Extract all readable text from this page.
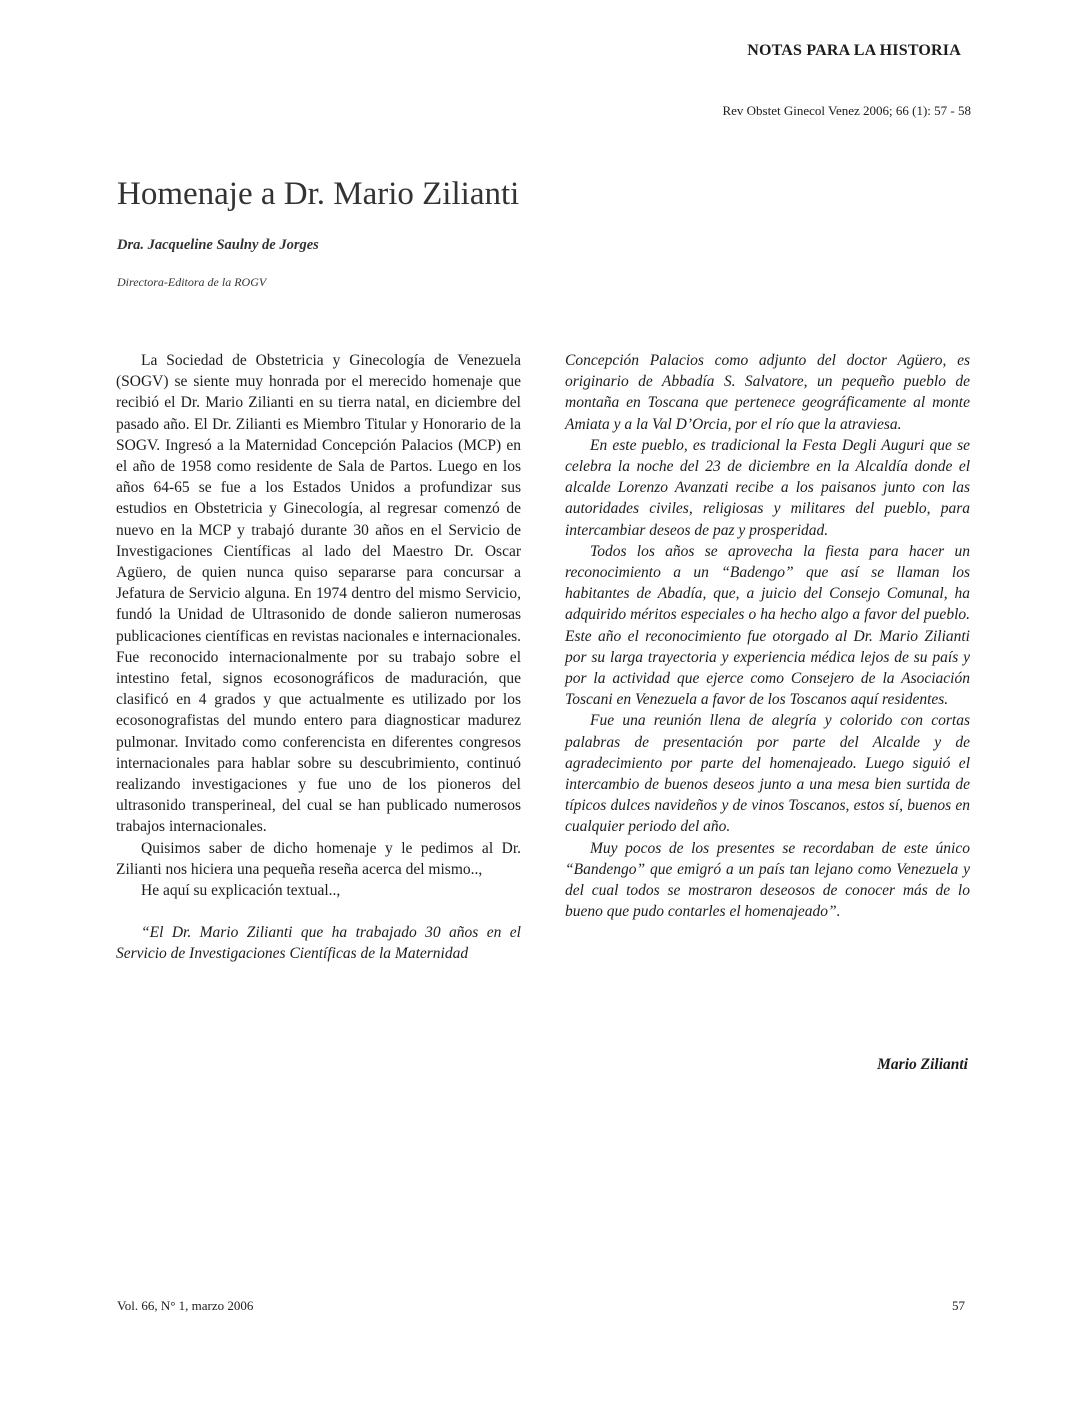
NOTAS PARA LA HISTORIA
Rev Obstet Ginecol Venez 2006; 66 (1): 57 - 58
Homenaje a Dr. Mario Zilianti
Dra. Jacqueline Saulny de Jorges
Directora-Editora de la ROGV

La Sociedad de Obstetricia y Ginecología de Venezuela (SOGV) se siente muy honrada por el merecido homenaje que recibió el Dr. Mario Zilianti en su tierra natal, en diciembre del pasado año. El Dr. Zilianti es Miembro Titular y Honorario de la SOGV. Ingresó a la Maternidad Concepción Palacios (MCP) en el año de 1958 como residente de Sala de Partos. Luego en los años 64-65 se fue a los Estados Unidos a profundizar sus estudios en Obstetricia y Ginecología, al regresar comenzó de nuevo en la MCP y trabajó durante 30 años en el Servicio de Investigaciones Científicas al lado del Maestro Dr. Oscar Agüero, de quien nunca quiso separarse para concursar a Jefatura de Servicio alguna. En 1974 dentro del mismo Servicio, fundó la Unidad de Ultrasonido de donde salieron numerosas publicaciones científicas en revistas nacionales e internacionales. Fue reconocido internacionalmente por su trabajo sobre el intestino fetal, signos ecosonográficos de maduración, que clasificó en 4 grados y que actualmente es utilizado por los ecosonografistas del mundo entero para diagnosticar madurez pulmonar. Invitado como conferencista en diferentes congresos internacionales para hablar sobre su descubrimiento, continuó realizando investigaciones y fue uno de los pioneros del ultrasonido transperineal, del cual se han publicado numerosos trabajos internacionales.

Quisimos saber de dicho homenaje y le pedimos al Dr. Zilianti nos hiciera una pequeña reseña acerca del mismo..,

He aquí su explicación textual..,

“El Dr. Mario Zilianti que ha trabajado 30 años en el Servicio de Investigaciones Científicas de la Maternidad

Concepción Palacios como adjunto del doctor Agüero, es originario de Abbadía S. Salvatore, un pequeño pueblo de montaña en Toscana que pertenece geográficamente al monte Amiata y a la Val D’Orcia, por el río que la atraviesa.

En este pueblo, es tradicional la Festa Degli Auguri que se celebra la noche del 23 de diciembre en la Alcaldía donde el alcalde Lorenzo Avanzati recibe a los paisanos junto con las autoridades civiles, religiosas y militares del pueblo, para intercambiar deseos de paz y prosperidad.

Todos los años se aprovecha la fiesta para hacer un reconocimiento a un “Badengo” que así se llaman los habitantes de Abadía, que, a juicio del Consejo Comunal, ha adquirido méritos especiales o ha hecho algo a favor del pueblo. Este año el reconocimiento fue otorgado al Dr. Mario Zilianti por su larga trayectoria y experiencia médica lejos de su país y por la actividad que ejerce como Consejero de la Asociación Toscani en Venezuela a favor de los Toscanos aquí residentes.

Fue una reunión llena de alegría y colorido con cortas palabras de presentación por parte del Alcalde y de agradecimiento por parte del homenajeado. Luego siguió el intercambio de buenos deseos junto a una mesa bien surtida de típicos dulces navideños y de vinos Toscanos, estos sí, buenos en cualquier periodo del año.

Muy pocos de los presentes se recordaban de este único “Bandengo” que emigró a un país tan lejano como Venezuela y del cual todos se mostraron deseosos de conocer más de lo bueno que pudo contarles el homenajeado”.

Mario Zilianti
Vol. 66, N° 1, marzo 2006	57
